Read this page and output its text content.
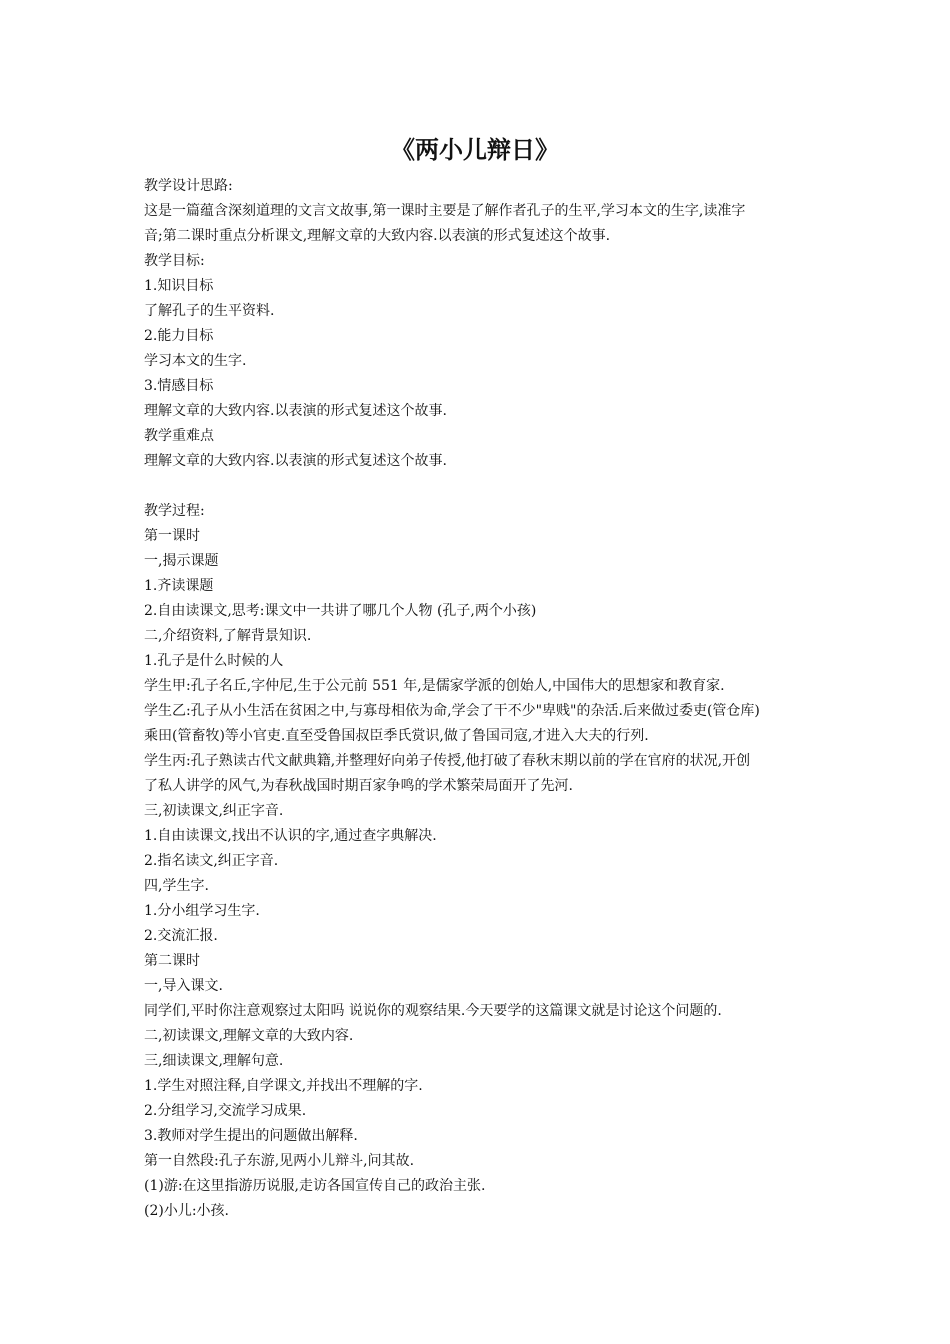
《两小儿辩日》
教学设计思路:
这是一篇蕴含深刻道理的文言文故事,第一课时主要是了解作者孔子的生平,学习本文的生字,读准字
音;第二课时重点分析课文,理解文章的大致内容.以表演的形式复述这个故事.
教学目标:
1.知识目标
了解孔子的生平资料.
2.能力目标
学习本文的生字.
3.情感目标
理解文章的大致内容.以表演的形式复述这个故事.
教学重难点
理解文章的大致内容.以表演的形式复述这个故事.
教学过程:
第一课时
一,揭示课题
1.齐读课题
2.自由读课文,思考:课文中一共讲了哪几个人物 (孔子,两个小孩)
二,介绍资料,了解背景知识.
1.孔子是什么时候的人
学生甲:孔子名丘,字仲尼,生于公元前 551 年,是儒家学派的创始人,中国伟大的思想家和教育家.
学生乙:孔子从小生活在贫困之中,与寡母相依为命,学会了干不少"卑贱"的杂活.后来做过委吏(管仓库)
乘田(管畜牧)等小官吏.直至受鲁国叔臣季氏赏识,做了鲁国司寇,才进入大夫的行列.
学生丙:孔子熟读古代文献典籍,并整理好向弟子传授,他打破了春秋末期以前的学在官府的状况,开创
了私人讲学的风气,为春秋战国时期百家争鸣的学术繁荣局面开了先河.
三,初读课文,纠正字音.
1.自由读课文,找出不认识的字,通过查字典解决.
2.指名读文,纠正字音.
四,学生字.
1.分小组学习生字.
2.交流汇报.
第二课时
一,导入课文.
同学们,平时你注意观察过太阳吗 说说你的观察结果.今天要学的这篇课文就是讨论这个问题的.
二,初读课文,理解文章的大致内容.
三,细读课文,理解句意.
1.学生对照注释,自学课文,并找出不理解的字.
2.分组学习,交流学习成果.
3.教师对学生提出的问题做出解释.
第一自然段:孔子东游,见两小儿辩斗,问其故.
(1)游:在这里指游历说服,走访各国宣传自己的政治主张.
(2)小儿:小孩.
